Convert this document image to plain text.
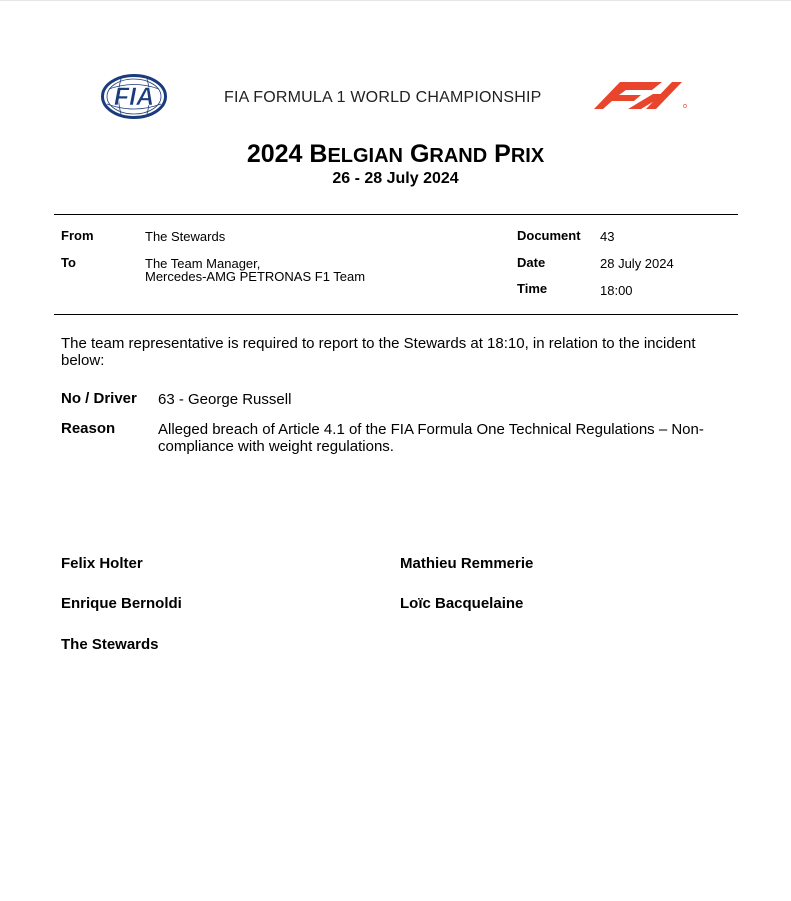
FIA	FIA FORMULA 1 WORLD CHAMPIONSHIP
2024 BELGIAN GRAND PRIX
26 - 28 July 2024
From	The Stewards
To	The Team Manager,
Mercedes-AMG PETRONAS F1 Team
Document 43
Date	28 July 2024
Time	18:00
The team representative is required to report to the Stewards at 18:10, in relation to the incident below:
No / Driver 63 - George Russell
Reason	Alleged breach of Article 4.1 of the FIA Formula One Technical Regulations – Non-compliance with weight regulations.
Felix Holter	Mathieu Remmerie
Enrique Bernoldi	Loïc Bacquelaine
The Stewards
